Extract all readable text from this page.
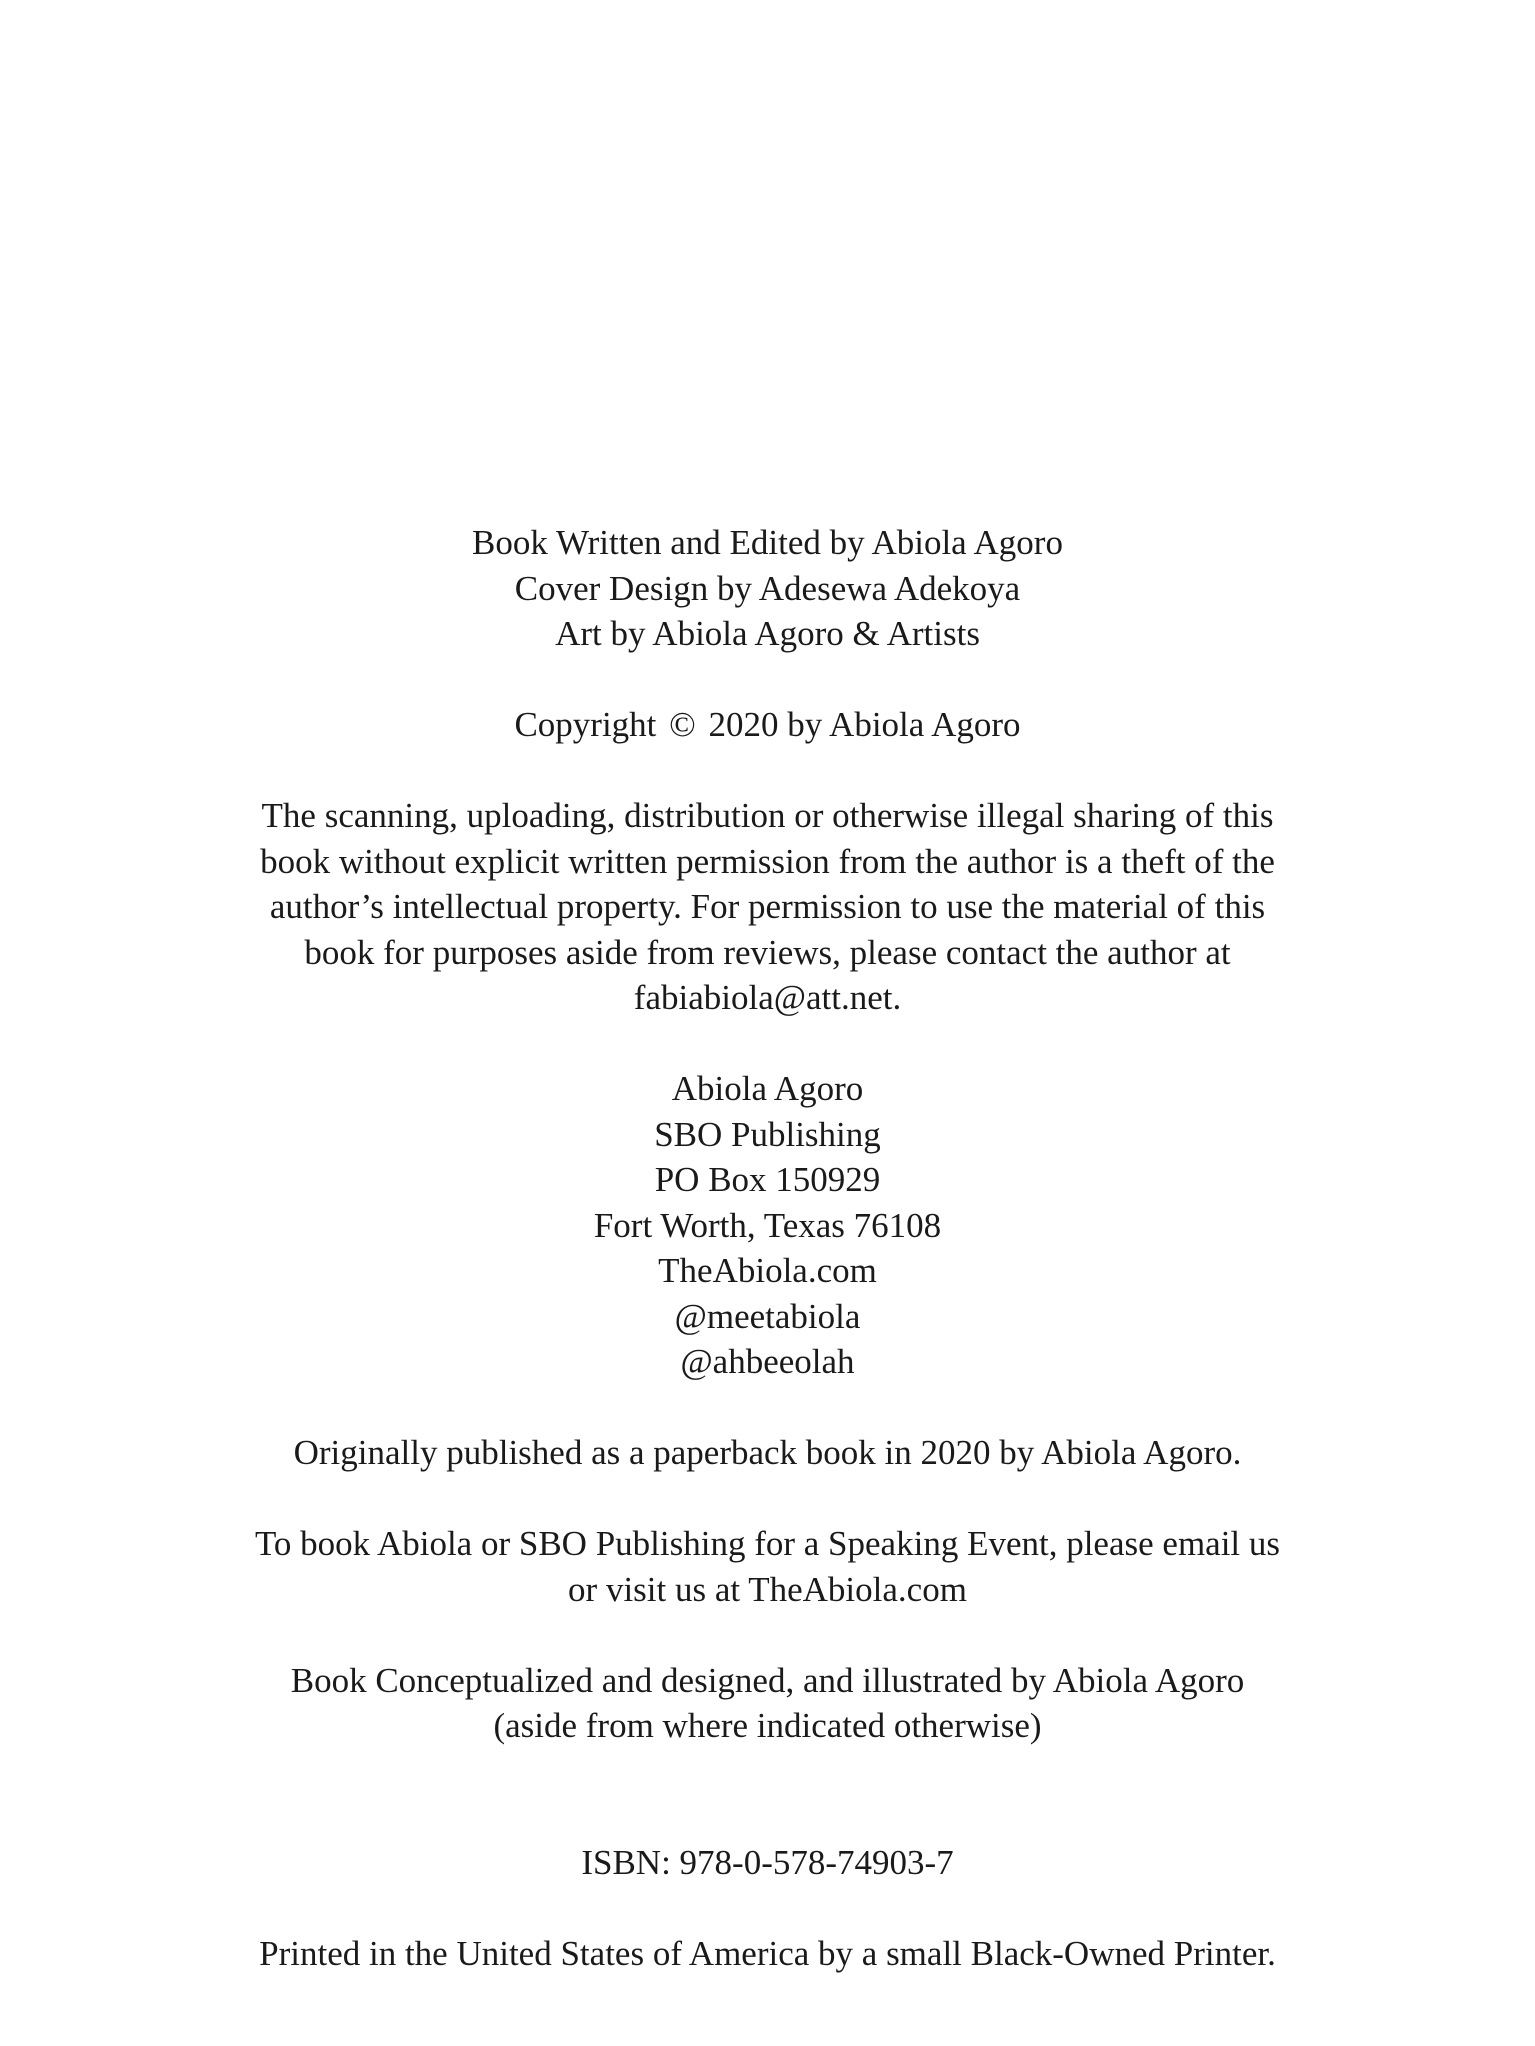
Book Written and Edited by Abiola Agoro
Cover Design by Adesewa Adekoya
Art by Abiola Agoro & Artists
Copyright © 2020 by Abiola Agoro
The scanning, uploading, distribution or otherwise illegal sharing of this
book without explicit written permission from the author is a theft of the
author’s intellectual property. For permission to use the material of this
book for purposes aside from reviews, please contact the author at
fabiabiola@att.net.
Abiola Agoro
SBO Publishing
PO Box 150929
Fort Worth, Texas 76108
TheAbiola.com
@meetabiola
@ahbeeolah
Originally published as a paperback book in 2020 by Abiola Agoro.
To book Abiola or SBO Publishing for a Speaking Event, please email us
or visit us at TheAbiola.com
Book Conceptualized and designed, and illustrated by Abiola Agoro
(aside from where indicated otherwise)
ISBN: 978-0-578-74903-7
Printed in the United States of America by a small Black-Owned Printer.
